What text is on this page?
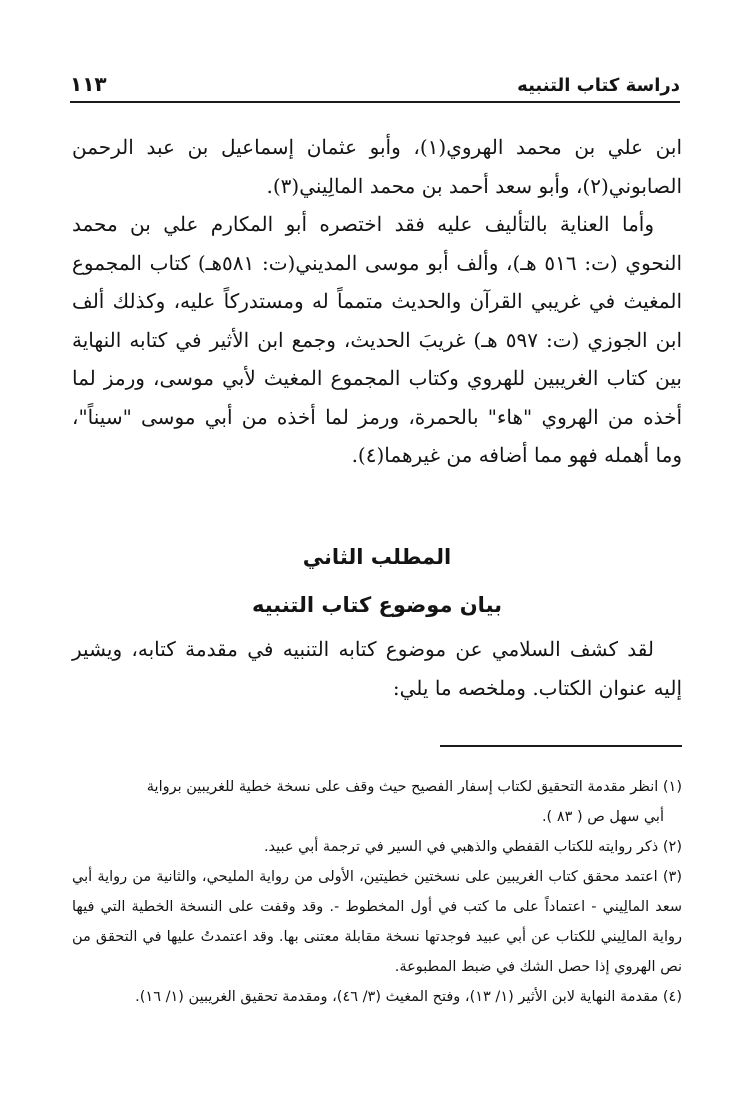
دراسة كتاب التنبيه
١١٣

ابن علي بن محمد الهروي(١)، وأبو عثمان إسماعيل بن عبد الرحمن الصابوني(٢)، وأبو سعد أحمد بن محمد المالِيني(٣).

وأما العناية بالتأليف عليه فقد اختصره أبو المكارم علي بن محمد النحوي (ت: ٥١٦ هـ)، وألف أبو موسى المديني(ت: ٥٨١هـ) كتاب المجموع المغيث في غريبي القرآن والحديث متمماً له ومستدركاً عليه، وكذلك ألف ابن الجوزي (ت: ٥٩٧ هـ) غريبَ الحديث، وجمع ابن الأثير في كتابه النهاية بين كتاب الغريبين للهروي وكتاب المجموع المغيث لأبي موسى، ورمز لما أخذه من الهروي "هاء" بالحمرة، ورمز لما أخذه من أبي موسى "سيناً"، وما أهمله فهو مما أضافه من غيرهما(٤).

المطلب الثاني
بيان موضوع كتاب التنبيه

لقد كشف السلامي عن موضوع كتابه التنبيه في مقدمة كتابه، ويشير إليه عنوان الكتاب. وملخصه ما يلي:

(١) انظر مقدمة التحقيق لكتاب إسفار الفصيح حيث وقف على نسخة خطية للغريبين برواية

أبي سهل ص ( ٨٣ ).

(٢) ذكر روايته للكتاب القفطي والذهبي في السير في ترجمة أبي عبيد.

(٣) اعتمد محقق كتاب الغريبين على نسختين خطيتين، الأولى من رواية المليحي، والثانية من رواية أبي سعد المالِيني - اعتماداً على ما كتب في أول المخطوط -. وقد وقفت على النسخة الخطية التي فيها رواية المالِيني للكتاب عن أبي عبيد فوجدتها نسخة مقابلة معتنى بها. وقد اعتمدتُ عليها في التحقق من نص الهروي إذا حصل الشك في ضبط المطبوعة.

(٤) مقدمة النهاية لابن الأثير (١/ ١٣)، وفتح المغيث (٣/ ٤٦)، ومقدمة تحقيق الغريبين (١/ ١٦).
